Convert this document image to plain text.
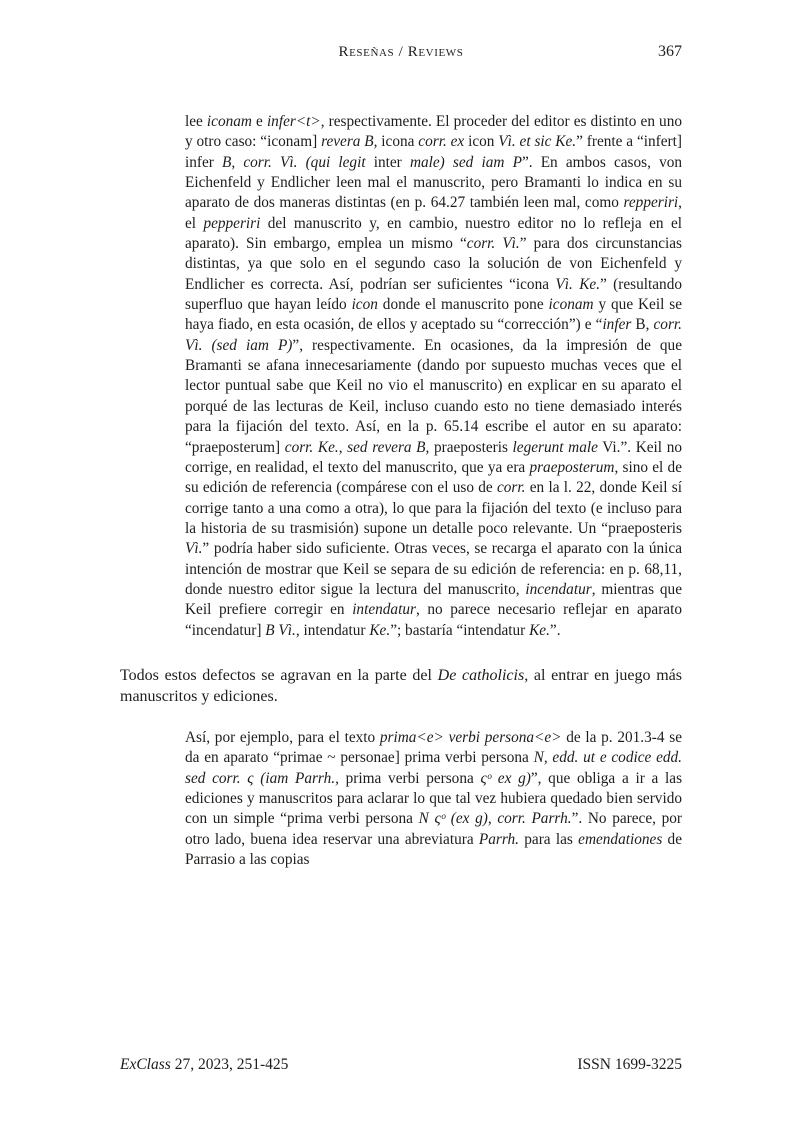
Reseñas / Reviews	367

lee iconam e infer<t>, respectivamente. El proceder del editor es distinto en uno y otro caso: “iconam] revera B, icona corr. ex icon Vì. et sic Ke.” frente a “infert] infer B, corr. Vì. (qui legit inter male) sed iam P”. En ambos casos, von Eichenfeld y Endlicher leen mal el manuscrito, pero Bramanti lo indica en su aparato de dos maneras distintas (en p. 64.27 también leen mal, como repperiri, el pepperiri del manuscrito y, en cambio, nuestro editor no lo refleja en el aparato). Sin embargo, emplea un mismo “corr. Vì.” para dos circunstancias distintas, ya que solo en el segundo caso la solución de von Eichenfeld y Endlicher es correcta. Así, podrían ser suficientes “icona Vì. Ke.” (resultando superfluo que hayan leído icon donde el manuscrito pone iconam y que Keil se haya fiado, en esta ocasión, de ellos y aceptado su “corrección”) e “infer B, corr. Vì. (sed iam P)”, respectivamente. En ocasiones, da la impresión de que Bramanti se afana innecesariamente (dando por supuesto muchas veces que el lector puntual sabe que Keil no vio el manuscrito) en explicar en su aparato el porqué de las lecturas de Keil, incluso cuando esto no tiene demasiado interés para la fijación del texto. Así, en la p. 65.14 escribe el autor en su aparato: “praeposterum] corr. Ke., sed revera B, praeposteris legerunt male Vi.”. Keil no corrige, en realidad, el texto del manuscrito, que ya era praeposterum, sino el de su edición de referencia (compárese con el uso de corr. en la l. 22, donde Keil sí corrige tanto a una como a otra), lo que para la fijación del texto (e incluso para la historia de su trasmisión) supone un detalle poco relevante. Un “praeposteris Vì.” podría haber sido suficiente. Otras veces, se recarga el aparato con la única intención de mostrar que Keil se separa de su edición de referencia: en p. 68,11, donde nuestro editor sigue la lectura del manuscrito, incendatur, mientras que Keil prefiere corregir en intendatur, no parece necesario reflejar en aparato “incendatur] B Vì., intendatur Ke.”; bastaría “intendatur Ke.”.

Todos estos defectos se agravan en la parte del De catholicis, al entrar en juego más manuscritos y ediciones.

Así, por ejemplo, para el texto prima<e> verbi persona<e> de la p. 201.3-4 se da en aparato “primae ~ personae] prima verbi persona N, edd. ut e codice edd. sed corr. ς (iam Parrh., prima verbi persona ςᵒ ex g)”, que obliga a ir a las ediciones y manuscritos para aclarar lo que tal vez hubiera quedado bien servido con un simple “prima verbi persona N ςᵒ (ex g), corr. Parrh.”. No parece, por otro lado, buena idea reservar una abreviatura Parrh. para las emendationes de Parrasio a las copias

ExClass 27, 2023, 251-425	ISSN 1699-3225
